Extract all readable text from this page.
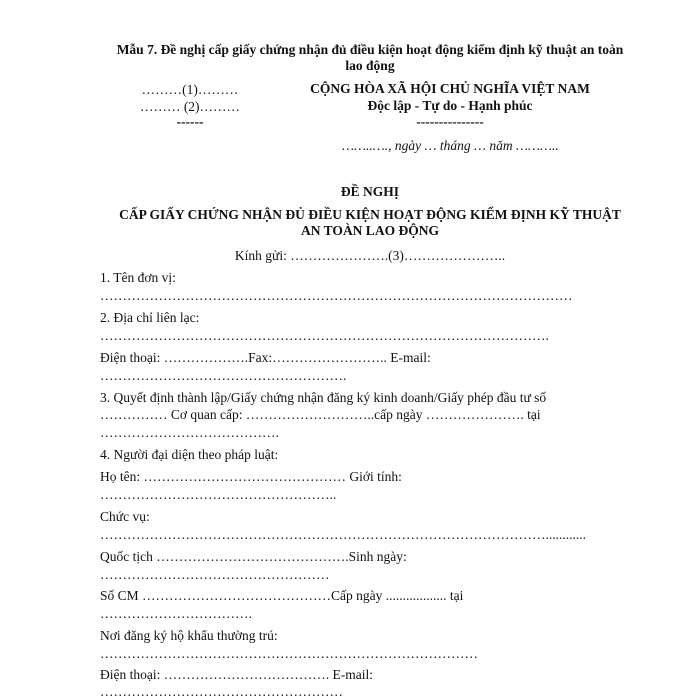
Mẫu 7. Đề nghị cấp giấy chứng nhận đủ điều kiện hoạt động kiểm định kỹ thuật an toàn
lao động
………(1)………
……… (2)………
------
CỘNG HÒA XÃ HỘI CHỦ NGHĨA VIỆT NAM
Độc lập - Tự do - Hạnh phúc
---------------
……..…., ngày … tháng … năm ………..
ĐỀ NGHỊ
CẤP GIẤY CHỨNG NHẬN ĐỦ ĐIỀU KIỆN HOẠT ĐỘNG KIỂM ĐỊNH KỸ THUẬT
AN TOÀN LAO ĐỘNG
Kính gửi: ………………….(3)…………………..
1. Tên đơn vị:
……………………………………………………………………………………………
2. Địa chỉ liên lạc:
……………………………………………………………………………………….
Điện thoại: ……………….Fax:…………………….. E-mail:
……………………………………………….
3. Quyết định thành lập/Giấy chứng nhận đăng ký kinh doanh/Giấy phép đầu tư số
…………… Cơ quan cấp: ………………………..cấp ngày …………………. tại
………………………………….
4. Người đại diện theo pháp luật:
Họ tên: ……………………………………… Giới tính:
……………………………………………..
Chức vụ:
………………………………………………………………………………………............
Quốc tịch …………………………………….Sinh ngày:
……………………………………………
Số CM ……………………………………Cấp ngày .................. tại
…………………………….
Nơi đăng ký hộ khẩu thường trú:
…………………………………………………………………………
Điện thoại: ………………………………. E-mail:
………………………………………………
